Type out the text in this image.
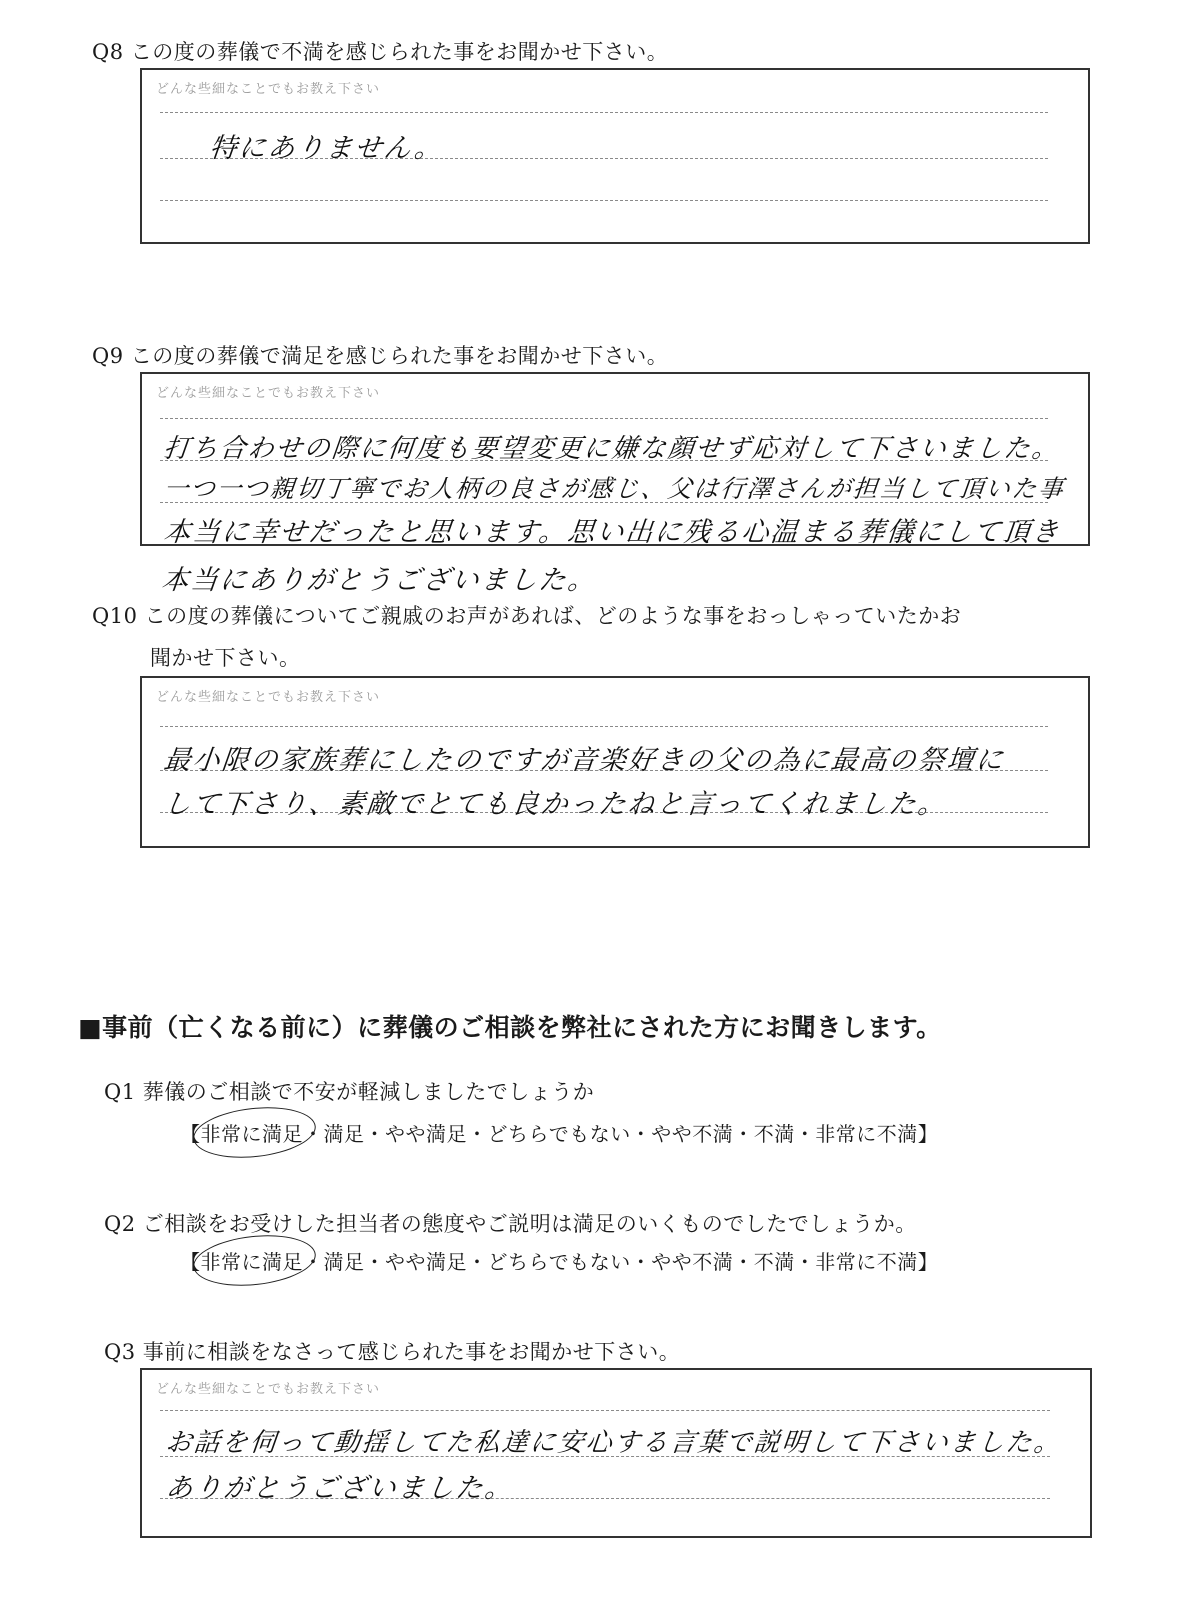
Q8 この度の葬儀で不満を感じられた事をお聞かせ下さい。
どんな些細なことでもお教え下さい
特にありません。
Q9 この度の葬儀で満足を感じられた事をお聞かせ下さい。
どんな些細なことでもお教え下さい
打ち合わせの際に何度も要望変更に嫌な顔せず応対して下さいました。
一つ一つ親切丁寧でお人柄の良さが感じ、父は行澤さんが担当して頂いた事
本当に幸せだったと思います。思い出に残る心温まる葬儀にして頂き
本当にありがとうございました。
Q10 この度の葬儀についてご親戚のお声があれば、どのような事をおっしゃっていたかお
聞かせ下さい。
どんな些細なことでもお教え下さい
最小限の家族葬にしたのですが音楽好きの父の為に最高の祭壇に
して下さり、素敵でとても良かったねと言ってくれました。
■事前（亡くなる前に）に葬儀のご相談を弊社にされた方にお聞きします。
Q1 葬儀のご相談で不安が軽減しましたでしょうか
【
非常に満足・満足・やや満足・どちらでもない・やや不満・不満・非常に不満】
Q2 ご相談をお受けした担当者の態度やご説明は満足のいくものでしたでしょうか。
【
非常に満足・満足・やや満足・どちらでもない・やや不満・不満・非常に不満】
Q3 事前に相談をなさって感じられた事をお聞かせ下さい。
どんな些細なことでもお教え下さい
お話を伺って動揺してた私達に安心する言葉で説明して下さいました。
ありがとうございました。
